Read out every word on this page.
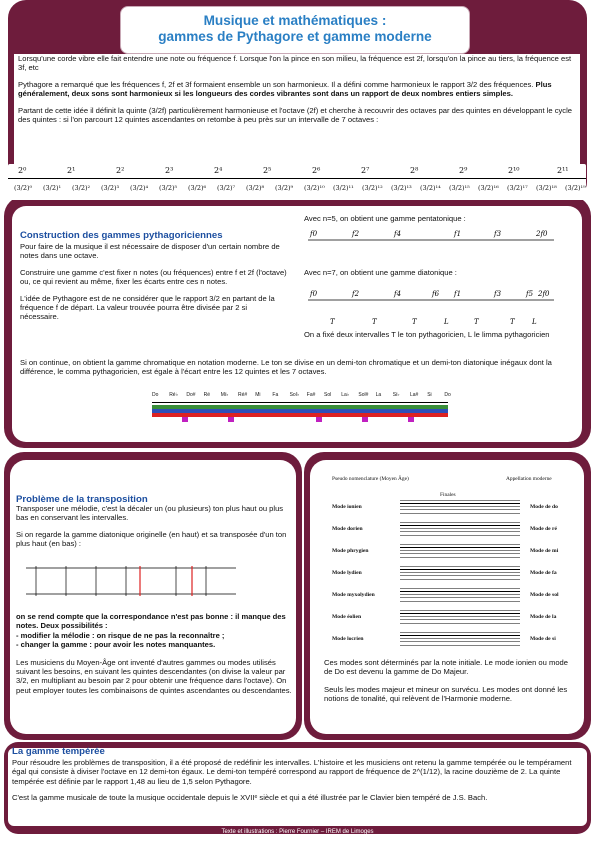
Musique et mathématiques :
gammes de Pythagore et gamme moderne

Lorsqu'une corde vibre elle fait entendre une note ou fréquence f. Lorsque l'on la pince en son milieu, la fréquence est 2f, lorsqu'on la pince au tiers, la fréquence est 3f, etc

Pythagore a remarqué que les fréquences f, 2f et 3f formaient ensemble un son harmonieux. Il a défini comme harmonieux le rapport 3/2 des fréquences. Plus généralement, deux sons sont harmonieux si les longueurs des cordes vibrantes sont dans un rapport de deux nombres entiers simples.

Partant de cette idée il définit la quinte (3/2f) particulièrement harmonieuse et l'octave (2f) et cherche à recouvrir des octaves par des quintes en développant le cycle des quintes : si l'on parcourt 12 quintes ascendantes on retombe à peu près sur un intervalle de 7 octaves :

2⁰	2¹	2²	2³	2⁴	2⁵	2⁶	2⁷	2⁸	2⁹	2¹⁰	2¹¹
(3/2)⁰ (3/2)¹ (3/2)² (3/2)³ (3/2)⁴ (3/2)⁵ (3/2)⁶ (3/2)⁷ (3/2)⁸ (3/2)⁹ (3/2)¹⁰ (3/2)¹¹ (3/2)¹² (3/2)¹³ (3/2)¹⁴ (3/2)¹⁵ (3/2)¹⁶ (3/2)¹⁷ (3/2)¹⁸ (3/2)¹⁹
Construction des gammes pythagoriciennes

Pour faire de la musique il est nécessaire de disposer d'un certain nombre de notes dans une octave.

Construire une gamme c'est fixer n notes (ou fréquences) entre f et 2f (l'octave) ou, ce qui revient au même, fixer les écarts entre ces n notes.

L'idée de Pythagore est de ne considérer que le rapport 3/2 en partant de la fréquence f de départ. La valeur trouvée pourra être divisée par 2 si nécessaire.

Avec n=5, on obtient une gamme pentatonique :
f0	f2	f4	f1	f3	2f0
Avec n=7, on obtient une gamme diatonique :
f0	f2	f4	f6 f1	f3	f5 2f0
T	T	T	L	T	T L
On a fixé deux intervalles T le ton pythagoricien, L le limma pythagoricien
Si on continue, on obtient la gamme chromatique en notation moderne. Le ton se divise en un demi-ton chromatique et un demi-ton diatonique inégaux dont la différence, le comma pythagoricien, est égale à l'écart entre les 12 quintes et les 7 octaves.
Do Ré♭ Do# Ré Mi♭ Ré# Mi Fa Sol♭ Fa# Sol La♭ Sol# La Si♭ La# Si	Do
Problème de la transposition

Transposer une mélodie, c'est la décaler un (ou plusieurs) ton plus haut ou plus bas en conservant les intervalles.

Si on regarde la gamme diatonique originelle (en haut) et sa transposée d'un ton plus haut (en bas) :

on se rend compte que la correspondance n'est pas bonne : il manque des notes. Deux possibilités :

- modifier la mélodie : on risque de ne pas la reconnaître ;

- changer la gamme : pour avoir les notes manquantes.

Les musiciens du Moyen-Âge ont inventé d'autres gammes ou modes utilisés suivant les besoins, en suivant les quintes descendantes (on divise la valeur par 3/2, en multipliant au besoin par 2 pour obtenir une fréquence dans l'octave). On peut employer toutes les combinaisons de quintes ascendantes ou descendantes.

Pseudo nomenclature (Moyen Âge)	Appellation moderne
Finales
Mode ionien	Mode de do
Mode dorien	Mode de ré
Mode phrygien	Mode de mi
Mode lydien	Mode de fa
Mode myxolydien	Mode de sol
Mode éolien	Mode de la
Mode locrien	Mode de si

Ces modes sont déterminés par la note initiale. Le mode ionien ou mode de Do est devenu la gamme de Do Majeur.

Seuls les modes majeur et mineur on survécu. Les modes ont donné les notions de tonalité, qui relèvent de l'Harmonie moderne.

La gamme tempérée

Pour résoudre les problèmes de transposition, il a été proposé de redéfinir les intervalles. L'histoire et les musiciens ont retenu la gamme tempérée ou le tempérament égal qui consiste à diviser l'octave en 12 demi-ton égaux. Le demi-ton tempéré correspond au rapport de fréquence de 2^(1/12), la racine douzième de 2. La quinte tempérée est définie par le rapport 1,48 au lieu de 1,5 selon Pythagore.

C'est la gamme musicale de toute la musique occidentale depuis le XVIIᵉ siècle et qui a été illustrée par le Clavier bien tempéré de J.S. Bach.

Texte et illustrations : Pierre Fournier – IREM de Limoges
